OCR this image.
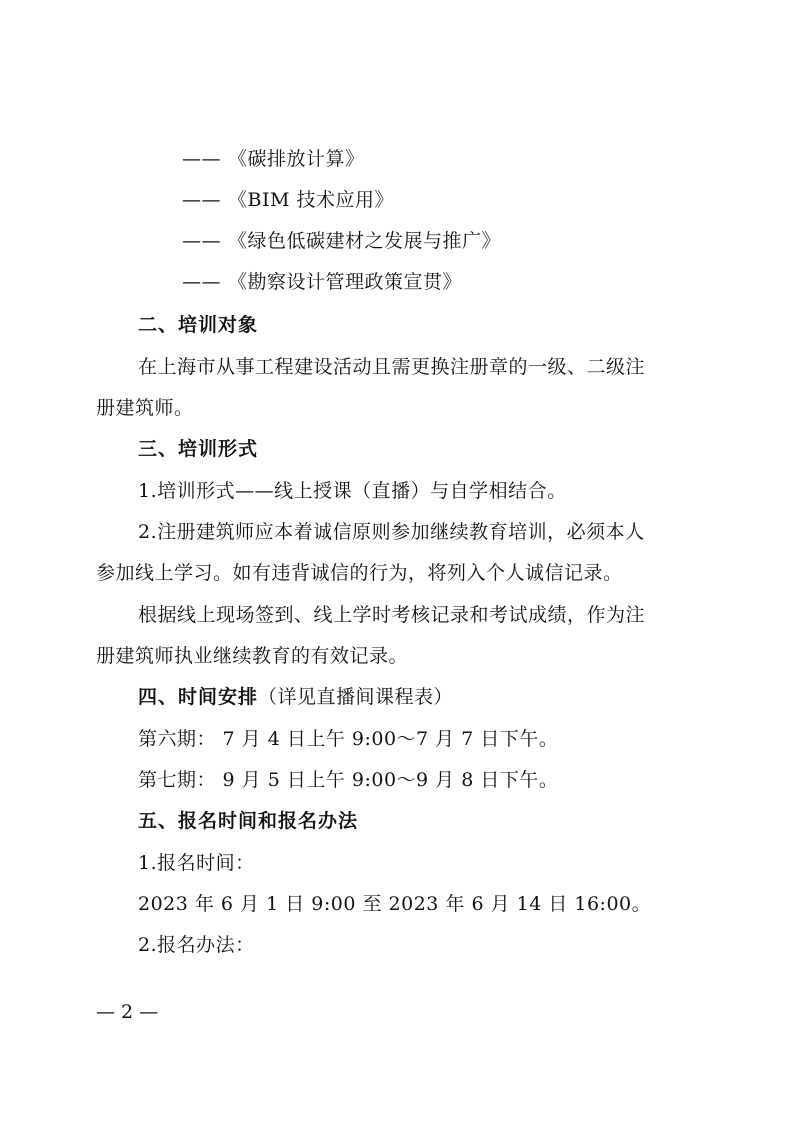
—— 《碳排放计算》
—— 《BIM 技术应用》
—— 《绿色低碳建材之发展与推广》
—— 《勘察设计管理政策宣贯》
二、培训对象
在上海市从事工程建设活动且需更换注册章的一级、二级注
册建筑师。
三、培训形式
1.培训形式——线上授课（直播）与自学相结合。
2.注册建筑师应本着诚信原则参加继续教育培训，必须本人
参加线上学习。如有违背诚信的行为，将列入个人诚信记录。
根据线上现场签到、线上学时考核记录和考试成绩，作为注
册建筑师执业继续教育的有效记录。
四、时间安排（详见直播间课程表）
第六期： 7 月 4 日上午 9:00～7 月 7 日下午。
第七期： 9 月 5 日上午 9:00～9 月 8 日下午。
五、报名时间和报名办法
1.报名时间：
2023 年 6 月 1 日 9:00 至 2023 年 6 月 14 日 16:00。
2.报名办法：
— 2 —
